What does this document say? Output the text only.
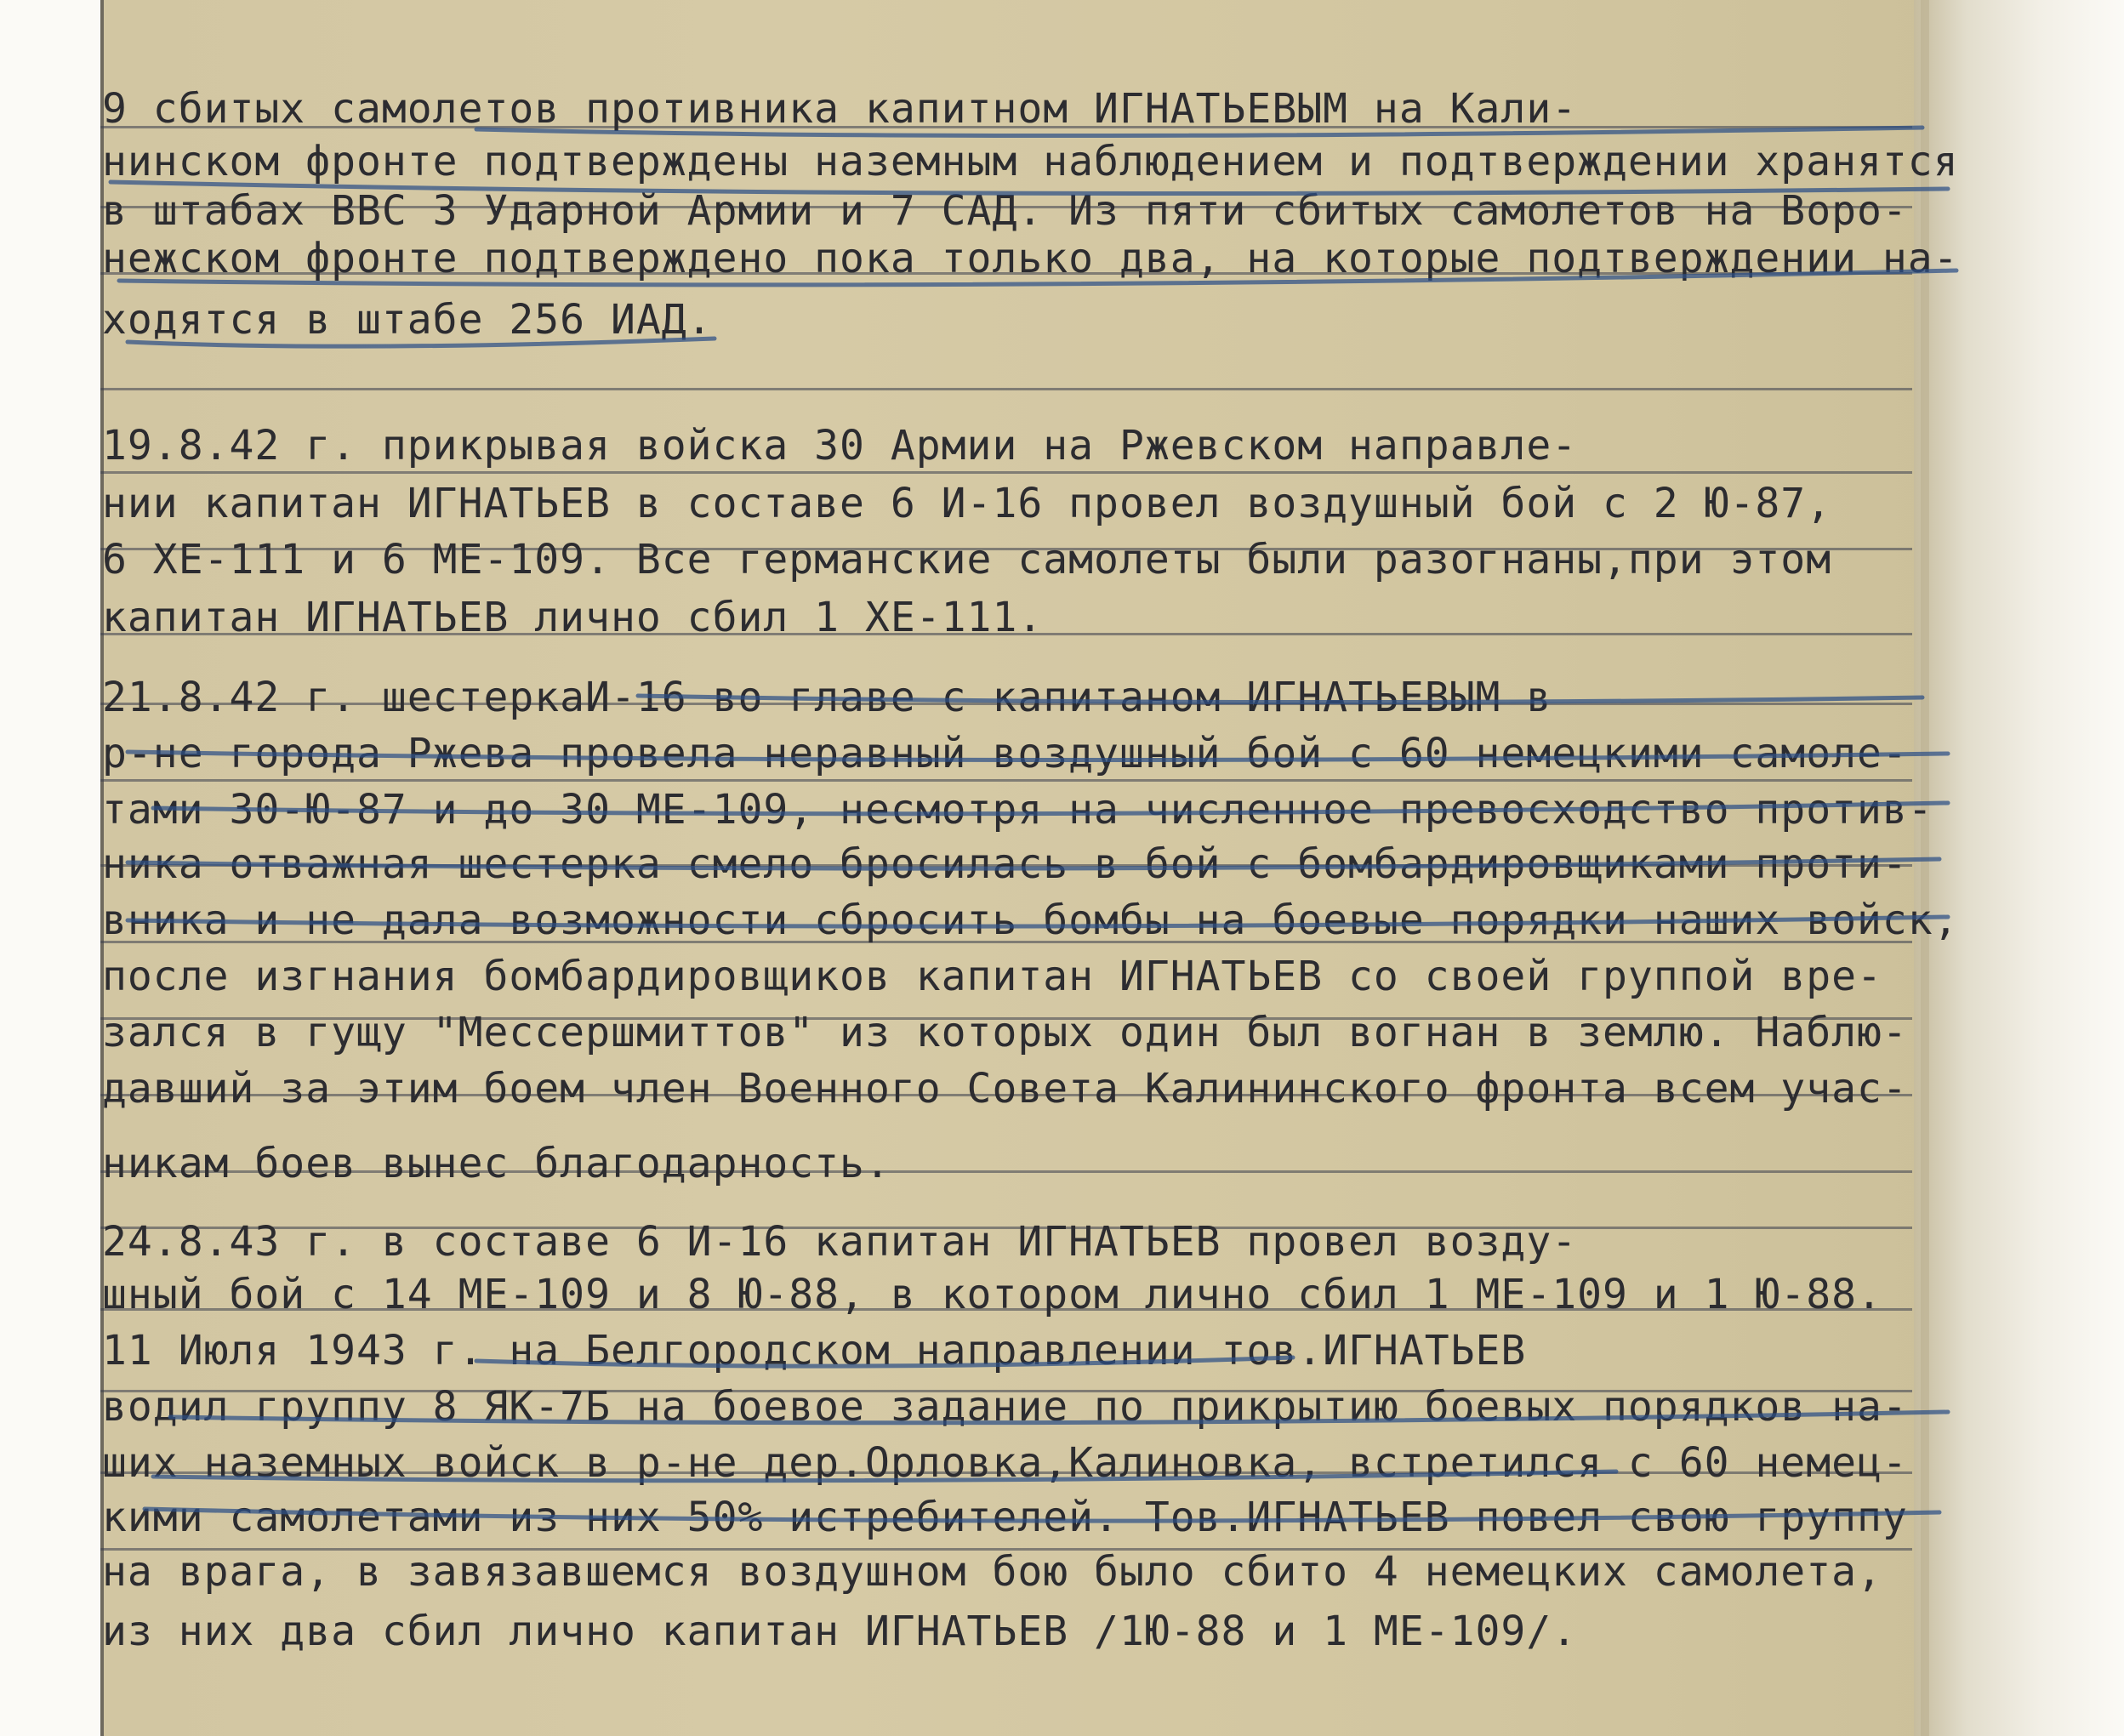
9 сбитых самолетов противника капитном ИГНАТЬЕВЫМ на Кали-
нинском фронте подтверждены наземным наблюдением и подтверждении хранятся
в штабах ВВС 3 Ударной Армии и 7 САД. Из пяти сбитых самолетов на Воро-
нежском фронте подтверждено пока только два, на которые подтверждении на-
ходятся в штабе 256 ИАД.
19.8.42 г. прикрывая войска 30 Армии на Ржевском направле-
нии капитан ИГНАТЬЕВ в составе 6 И-16 провел воздушный бой с 2 Ю-87,
6 ХЕ-111 и 6 МЕ-109. Все германские самолеты были разогнаны,при этом
капитан ИГНАТЬЕВ лично сбил 1 ХЕ-111.
21.8.42 г. шестеркаИ-16 во главе с капитаном ИГНАТЬЕВЫМ в
р-не города Ржева провела неравный воздушный бой с 60 немецкими самоле-
тами 30-Ю-87 и до 30 МЕ-109, несмотря на численное превосходство против-
ника отважная шестерка смело бросилась в бой с бомбардировщиками проти-
вника и не дала возможности сбросить бомбы на боевые порядки наших войск,
после изгнания бомбардировщиков капитан ИГНАТЬЕВ со своей группой вре-
зался в гущу "Мессершмиттов" из которых один был вогнан в землю. Наблю-
давший за этим боем член Военного Совета Калининского фронта всем учас-
никам боев вынес благодарность.
24.8.43 г. в составе 6 И-16 капитан ИГНАТЬЕВ провел возду-
шный бой с 14 МЕ-109 и 8 Ю-88, в котором лично сбил 1 МЕ-109 и 1 Ю-88.
11 Июля 1943 г. на Белгородском направлении тов.ИГНАТЬЕВ
водил группу 8 ЯК-7Б на боевое задание по прикрытию боевых порядков на-
ших наземных войск в р-не дер.Орловка,Калиновка, встретился с 60 немец-
кими самолетами из них 50% истребителей. Тов.ИГНАТЬЕВ повел свою группу
на врага, в завязавшемся воздушном бою было сбито 4 немецких самолета,
из них два сбил лично капитан ИГНАТЬЕВ /1Ю-88 и 1 МЕ-109/.
